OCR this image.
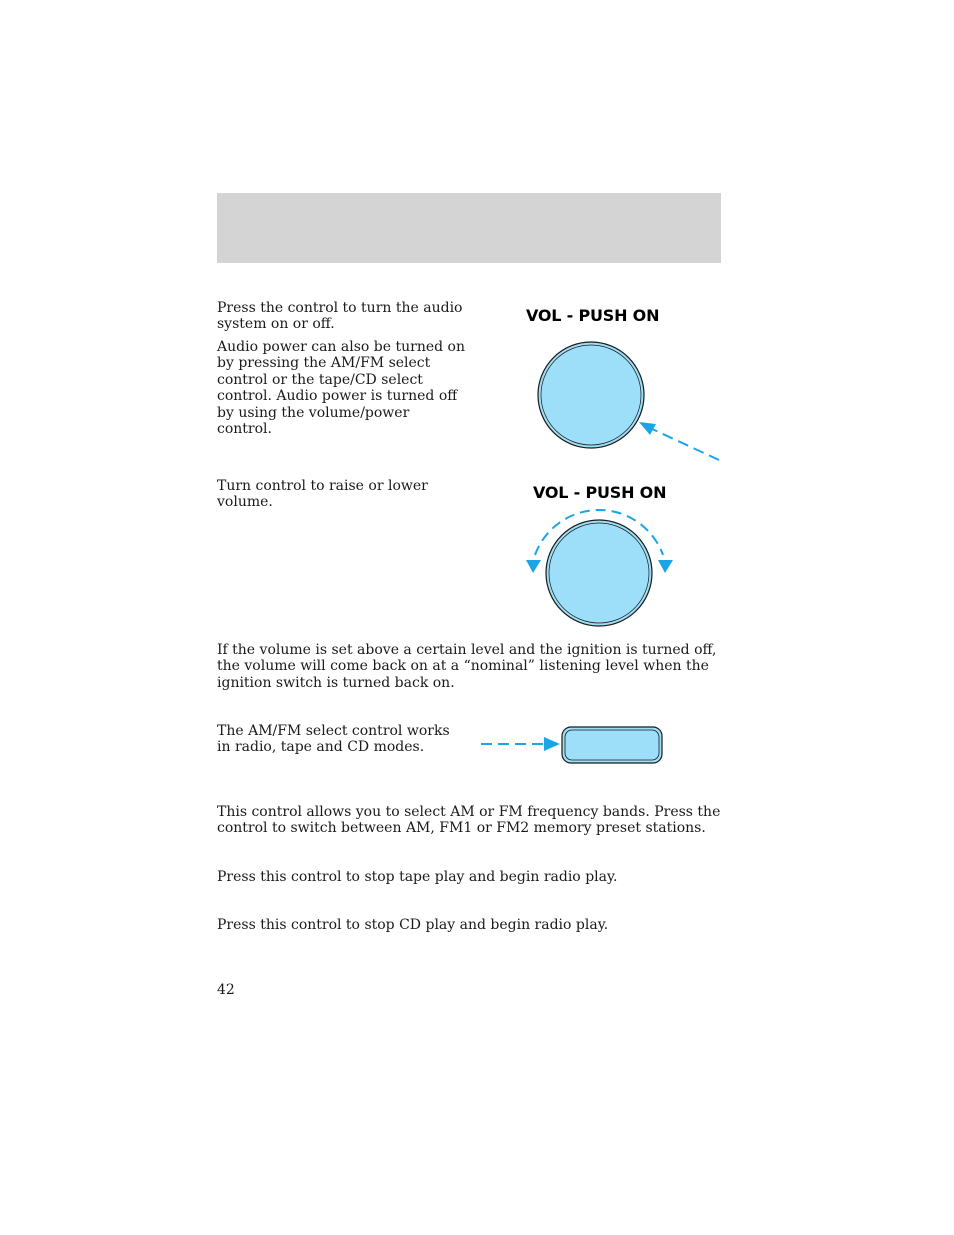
Press the control to turn the audio system on or off.

Audio power can also be turned on by pressing the AM/FM select control or the tape/CD select control. Audio power is turned off by using the volume/power control.

VOL - PUSH ON

Turn control to raise or lower volume.

VOL - PUSH ON

If the volume is set above a certain level and the ignition is turned off, the volume will come back on at a “nominal” listening level when the ignition switch is turned back on.

The AM/FM select control works in radio, tape and CD modes.

This control allows you to select AM or FM frequency bands. Press the control to switch between AM, FM1 or FM2 memory preset stations.

Press this control to stop tape play and begin radio play.

Press this control to stop CD play and begin radio play.

42
